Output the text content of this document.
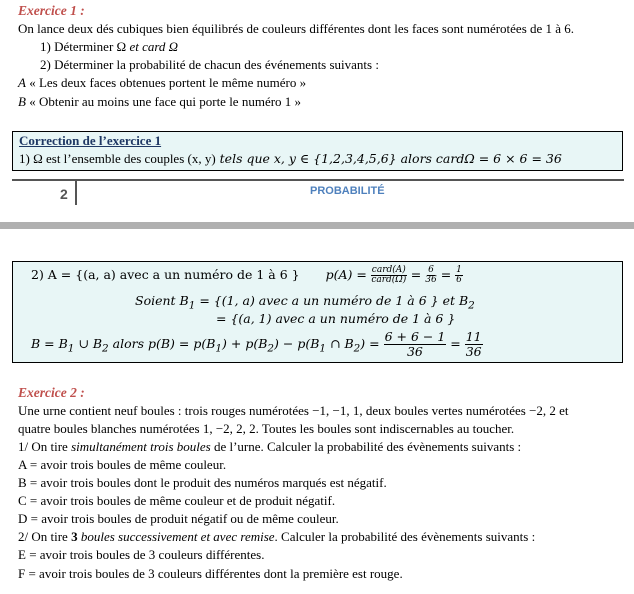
Exercice 1 :
On lance deux dés cubiques bien équilibrés de couleurs différentes dont les faces sont numérotées de 1 à 6.
1) Déterminer Ω et card Ω
2) Déterminer la probabilité de chacun des événements suivants :
A « Les deux faces obtenues portent le même numéro »
B « Obtenir au moins une face qui porte le numéro 1 »
Correction de l’exercice 1
1) Ω est l’ensemble des couples (x, y) tels que x, y ∈ {1,2,3,4,5,6} alors cardΩ = 6 × 6 = 36
2	PROBABILITÉ
2) A = {(a, a) avec a un numéro de 1 à 6 } $p(A) = \frac{\text{card(A)}}{\text{card(Ω)}} = \frac{6}{36} = \frac{1}{6}$
Soient $B_1 = \{(1$, a) avec a un numéro de 1 à 6 } et $B_2$
= {(a, 1) avec a un numéro de 1 à 6 }
$B = B_1$ ∪ $B_2$ alors $p(B) = p(B_1) + p(B_2) - p(B_1$ ∩ $B_2) = \frac{6 + 6 - 1}{36} = \frac{11}{36}$
Exercice 2 :
Une urne contient neuf boules : trois rouges numérotées −1, −1, 1, deux boules vertes numérotées −2, 2 et
quatre boules blanches numérotées 1, −2, 2, 2. Toutes les boules sont indiscernables au toucher.
1/ On tire simultanément trois boules de l’urne. Calculer la probabilité des évènements suivants :
A = avoir trois boules de même couleur.
B = avoir trois boules dont le produit des numéros marqués est négatif.
C = avoir trois boules de même couleur et de produit négatif.
D = avoir trois boules de produit négatif ou de même couleur.
2/ On tire 3 boules successivement et avec remise. Calculer la probabilité des évènements suivants :
E = avoir trois boules de 3 couleurs différentes.
F = avoir trois boules de 3 couleurs différentes dont la première est rouge.
